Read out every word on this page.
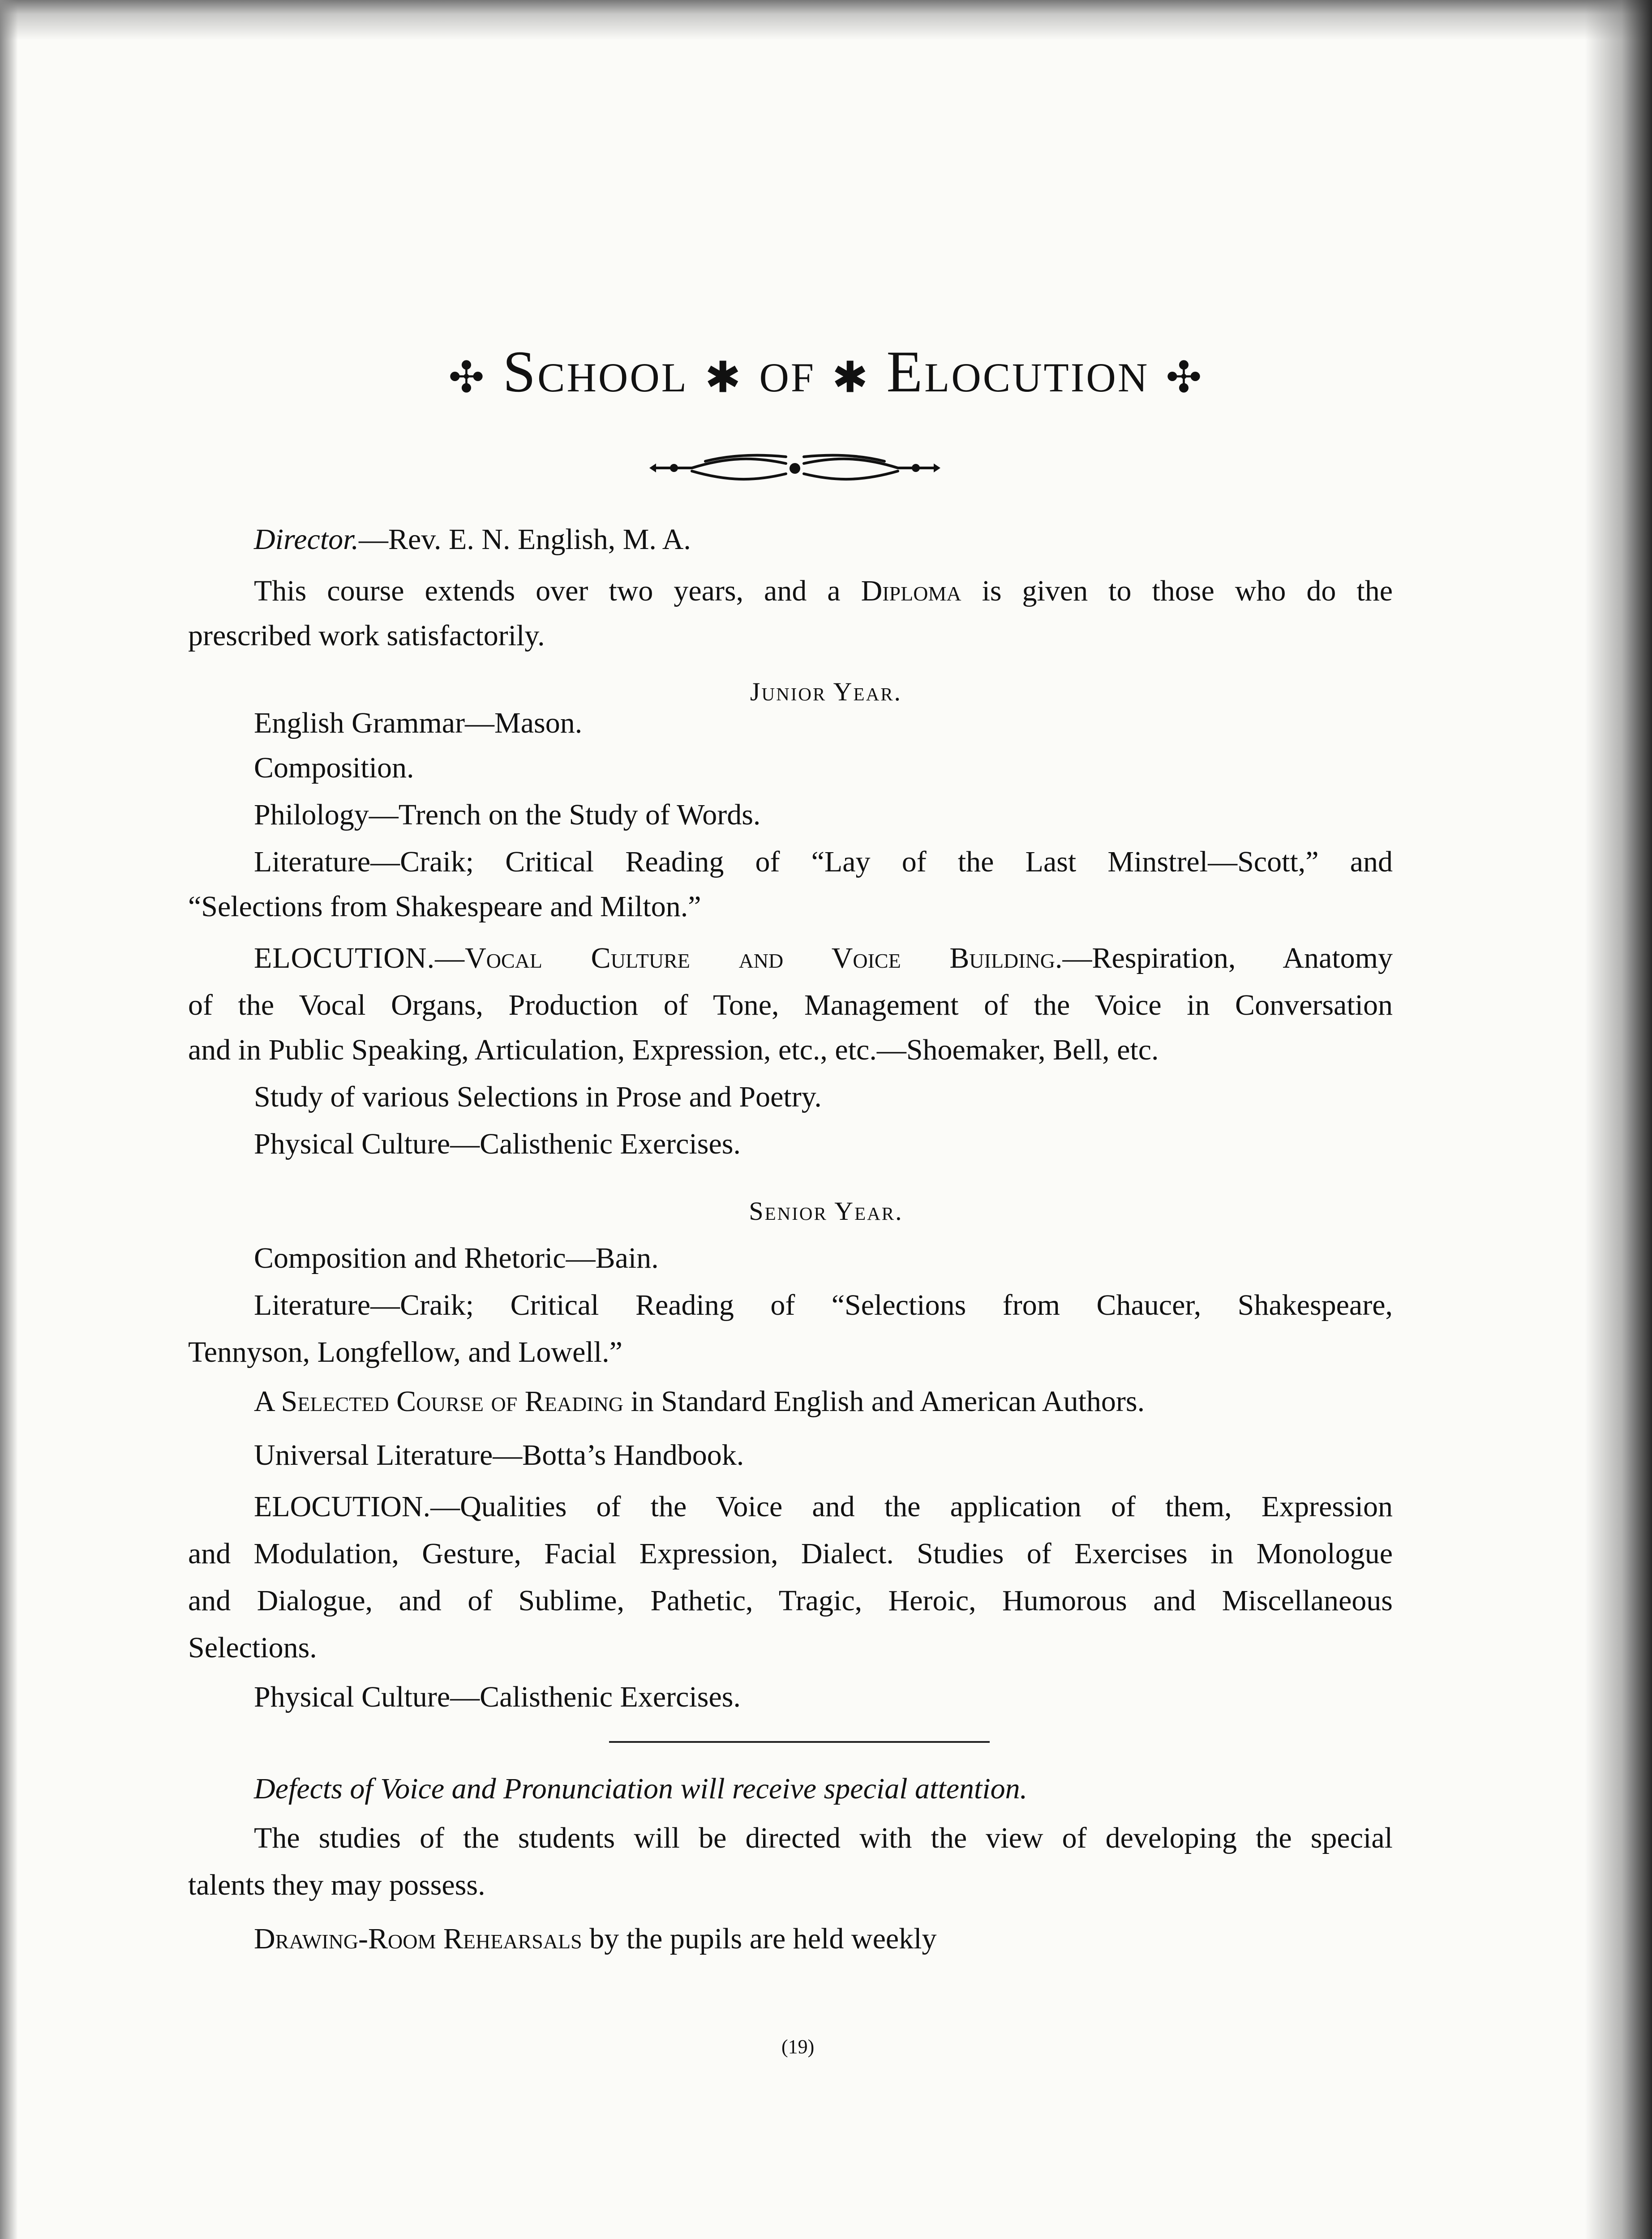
✣ School ✱ of ✱ Elocution ✣
Director.—Rev. E. N. English, M. A.
This course extends over two years, and a Diploma is given to those who do the
prescribed work satisfactorily.
Junior Year.
English Grammar—Mason.
Composition.
Philology—Trench on the Study of Words.
Literature—Craik; Critical Reading of “Lay of the Last Minstrel—Scott,” and
“Selections from Shakespeare and Milton.”
ELOCUTION.—Vocal Culture and Voice Building.—Respiration, Anatomy
of the Vocal Organs, Production of Tone, Management of the Voice in Conversation
and in Public Speaking, Articulation, Expression, etc., etc.—Shoemaker, Bell, etc.
Study of various Selections in Prose and Poetry.
Physical Culture—Calisthenic Exercises.
Senior Year.
Composition and Rhetoric—Bain.
Literature—Craik; Critical Reading of “Selections from Chaucer, Shakespeare,
Tennyson, Longfellow, and Lowell.”
A Selected Course of Reading in Standard English and American Authors.
Universal Literature—Botta’s Handbook.
ELOCUTION.—Qualities of the Voice and the application of them, Expression
and Modulation, Gesture, Facial Expression, Dialect. Studies of Exercises in Monologue
and Dialogue, and of Sublime, Pathetic, Tragic, Heroic, Humorous and Miscellaneous
Selections.
Physical Culture—Calisthenic Exercises.
Defects of Voice and Pronunciation will receive special attention.
The studies of the students will be directed with the view of developing the special
talents they may possess.
Drawing-Room Rehearsals by the pupils are held weekly
(19)
